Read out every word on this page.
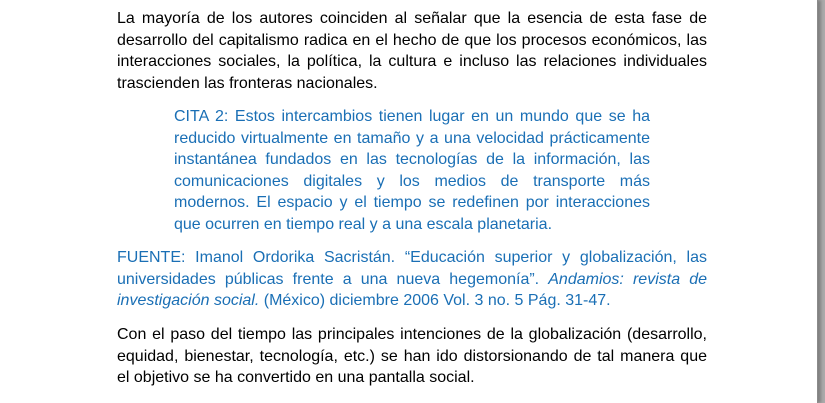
La mayoría de los autores coinciden al señalar que la esencia de esta fase de desarrollo del capitalismo radica en el hecho de que los procesos económicos, las interacciones sociales, la política, la cultura e incluso las relaciones individuales trascienden las fronteras nacionales.

CITA 2: Estos intercambios tienen lugar en un mundo que se ha reducido virtualmente en tamaño y a una velocidad prácticamente instantánea fundados en las tecnologías de la información, las comunicaciones digitales y los medios de transporte más modernos. El espacio y el tiempo se redefinen por interacciones que ocurren en tiempo real y a una escala planetaria.

FUENTE: Imanol Ordorika Sacristán. “Educación superior y globalización, las universidades públicas frente a una nueva hegemonía”. Andamios: revista de investigación social. (México) diciembre 2006 Vol. 3 no. 5 Pág. 31-47.

Con el paso del tiempo las principales intenciones de la globalización (desarrollo, equidad, bienestar, tecnología, etc.) se han ido distorsionando de tal manera que el objetivo se ha convertido en una pantalla social.
